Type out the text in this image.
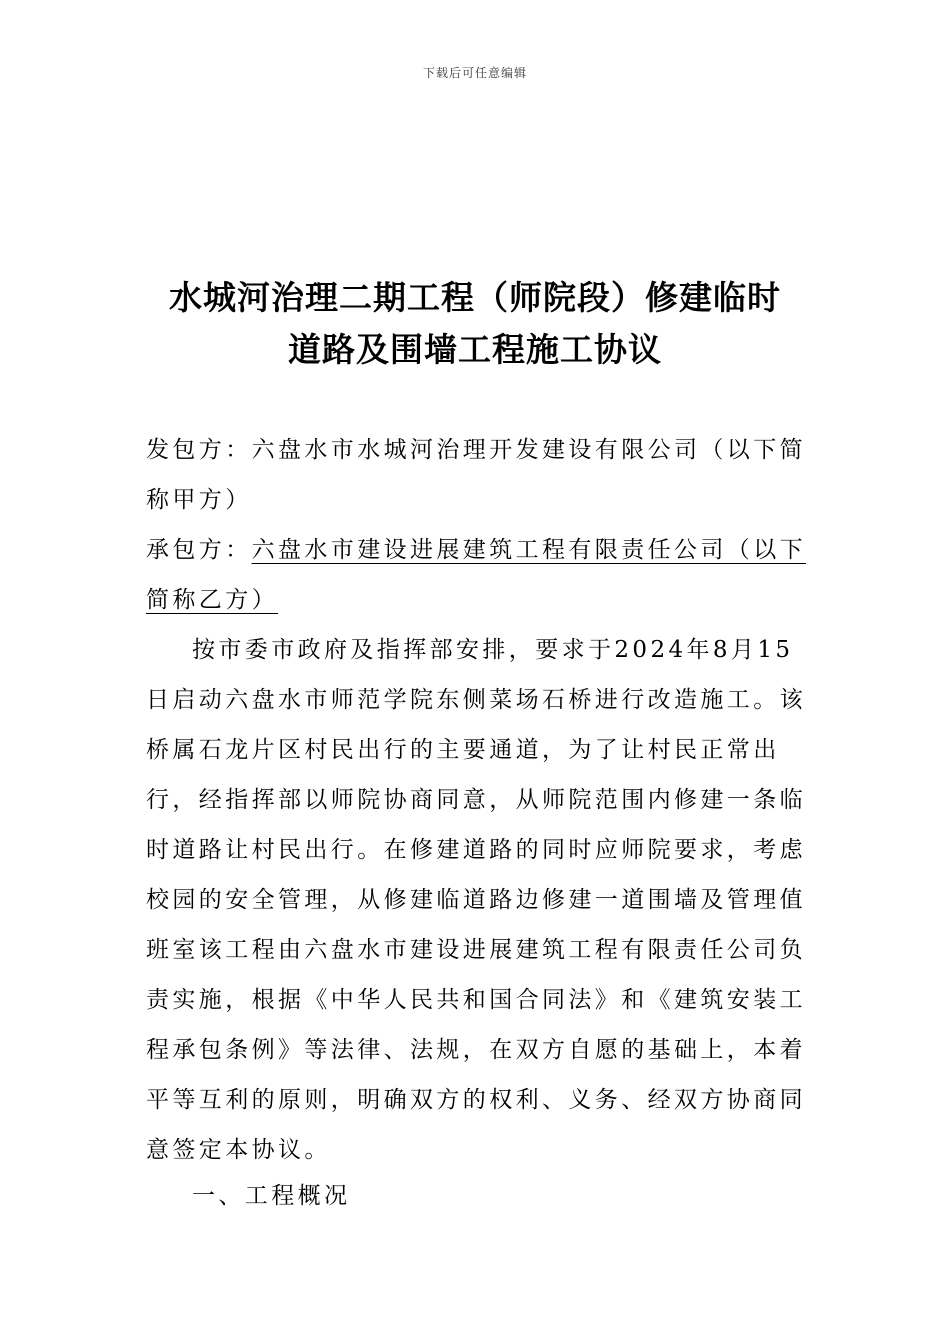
下载后可任意编辑
水城河治理二期工程（师院段）修建临时
道路及围墙工程施工协议

发包方：六盘水市水城河治理开发建设有限公司（以下简称甲方）

承包方：六盘水市建设进展建筑工程有限责任公司（以下简称乙方）

按市委市政府及指挥部安排，要求于2024年8月15日启动六盘水市师范学院东侧菜场石桥进行改造施工。该桥属石龙片区村民出行的主要通道，为了让村民正常出行，经指挥部以师院协商同意，从师院范围内修建一条临时道路让村民出行。在修建道路的同时应师院要求，考虑校园的安全管理，从修建临道路边修建一道围墙及管理值班室该工程由六盘水市建设进展建筑工程有限责任公司负责实施，根据《中华人民共和国合同法》和《建筑安装工程承包条例》等法律、法规，在双方自愿的基础上，本着平等互利的原则，明确双方的权利、义务、经双方协商同意签定本协议。

一、工程概况
